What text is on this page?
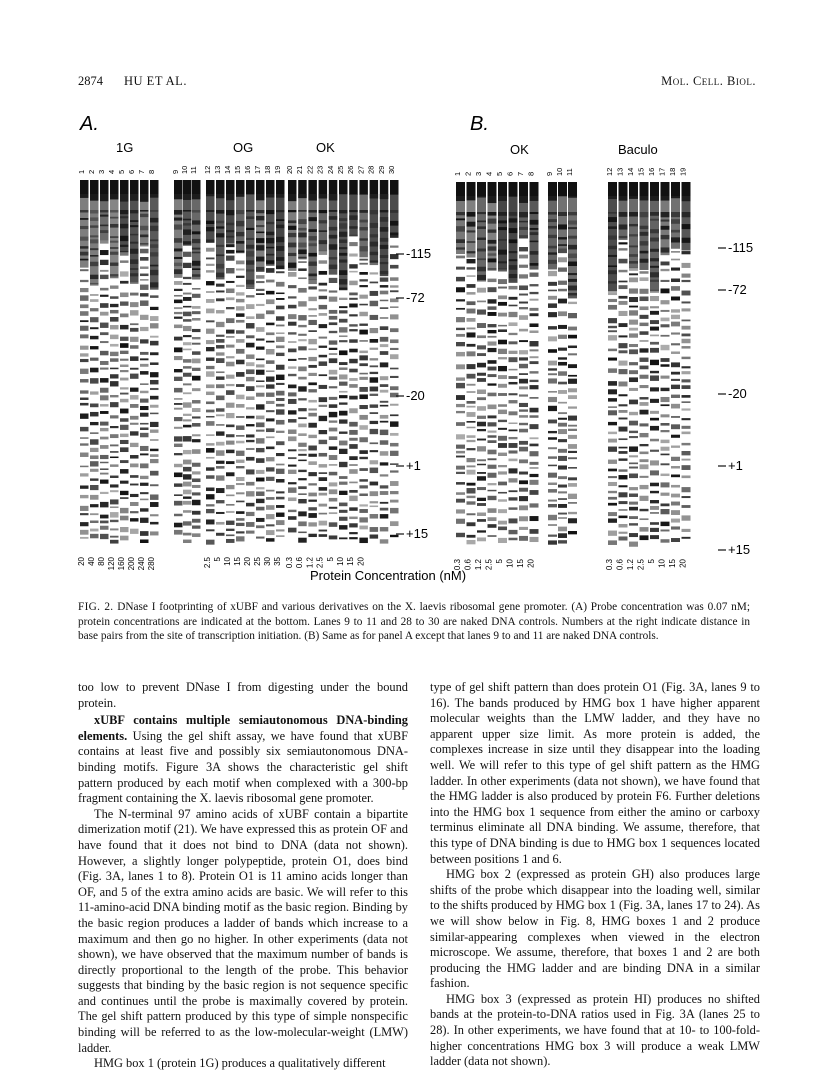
2874 HU ET AL.	Mol. Cell. Biol.
A.
1G	OG	OK
1 2 3 4 5 6 7 8 9 10 11 12 13 14 15 16 17 18 19 20 21 22 23 24 25 26 27 28 29 30
-115
-72
-20
+1
+15
20 40 80 120 160 200 240 280	2.5 5 10 15 20 25 30 35 0.3 0.6 1.2 2.5 5 10 15 20
B.
OK	Baculo
1 2 3 4 5 6 7 8 9 10 11	12 13 14 15 16 17 18 19
-115
-72
-20
+1
+15
0.3 0.6 1.2 2.5 5 10 15 20	0.3 0.6 1.2 2.5 5 10 15 20
Protein Concentration (nM)
FIG. 2. DNase I footprinting of xUBF and various derivatives on the X. laevis ribosomal gene promoter. (A) Probe concentration was 0.07 nM; protein concentrations are indicated at the bottom. Lanes 9 to 11 and 28 to 30 are naked DNA controls. Numbers at the right indicate distance in base pairs from the site of transcription initiation. (B) Same as for panel A except that lanes 9 to and 11 are naked DNA controls.

too low to prevent DNase I from digesting under the bound protein.

xUBF contains multiple semiautonomous DNA-binding elements. Using the gel shift assay, we have found that xUBF contains at least five and possibly six semiautonomous DNA-binding motifs. Figure 3A shows the characteristic gel shift pattern produced by each motif when complexed with a 300-bp fragment containing the X. laevis ribosomal gene promoter.

The N-terminal 97 amino acids of xUBF contain a bipartite dimerization motif (21). We have expressed this as protein OF and have found that it does not bind to DNA (data not shown). However, a slightly longer polypeptide, protein O1, does bind (Fig. 3A, lanes 1 to 8). Protein O1 is 11 amino acids longer than OF, and 5 of the extra amino acids are basic. We will refer to this 11-amino-acid DNA binding motif as the basic region. Binding by the basic region produces a ladder of bands which increase to a maximum and then go no higher. In other experiments (data not shown), we have observed that the maximum number of bands is directly proportional to the length of the probe. This behavior suggests that binding by the basic region is not sequence specific and continues until the probe is maximally covered by protein. The gel shift pattern produced by this type of simple nonspecific binding will be referred to as the low-molecular-weight (LMW) ladder.

HMG box 1 (protein 1G) produces a qualitatively different

type of gel shift pattern than does protein O1 (Fig. 3A, lanes 9 to 16). The bands produced by HMG box 1 have higher apparent molecular weights than the LMW ladder, and they have no apparent upper size limit. As more protein is added, the complexes increase in size until they disappear into the loading well. We will refer to this type of gel shift pattern as the HMG ladder. In other experiments (data not shown), we have found that the HMG ladder is also produced by protein F6. Further deletions into the HMG box 1 sequence from either the amino or carboxy terminus eliminate all DNA binding. We assume, therefore, that this type of DNA binding is due to HMG box 1 sequences located between positions 1 and 6.

HMG box 2 (expressed as protein GH) also produces large shifts of the probe which disappear into the loading well, similar to the shifts produced by HMG box 1 (Fig. 3A, lanes 17 to 24). As we will show below in Fig. 8, HMG boxes 1 and 2 produce similar-appearing complexes when viewed in the electron microscope. We assume, therefore, that boxes 1 and 2 are both producing the HMG ladder and are binding DNA in a similar fashion.

HMG box 3 (expressed as protein HI) produces no shifted bands at the protein-to-DNA ratios used in Fig. 3A (lanes 25 to 28). In other experiments, we have found that at 10- to 100-fold-higher concentrations HMG box 3 will produce a weak LMW ladder (data not shown).
